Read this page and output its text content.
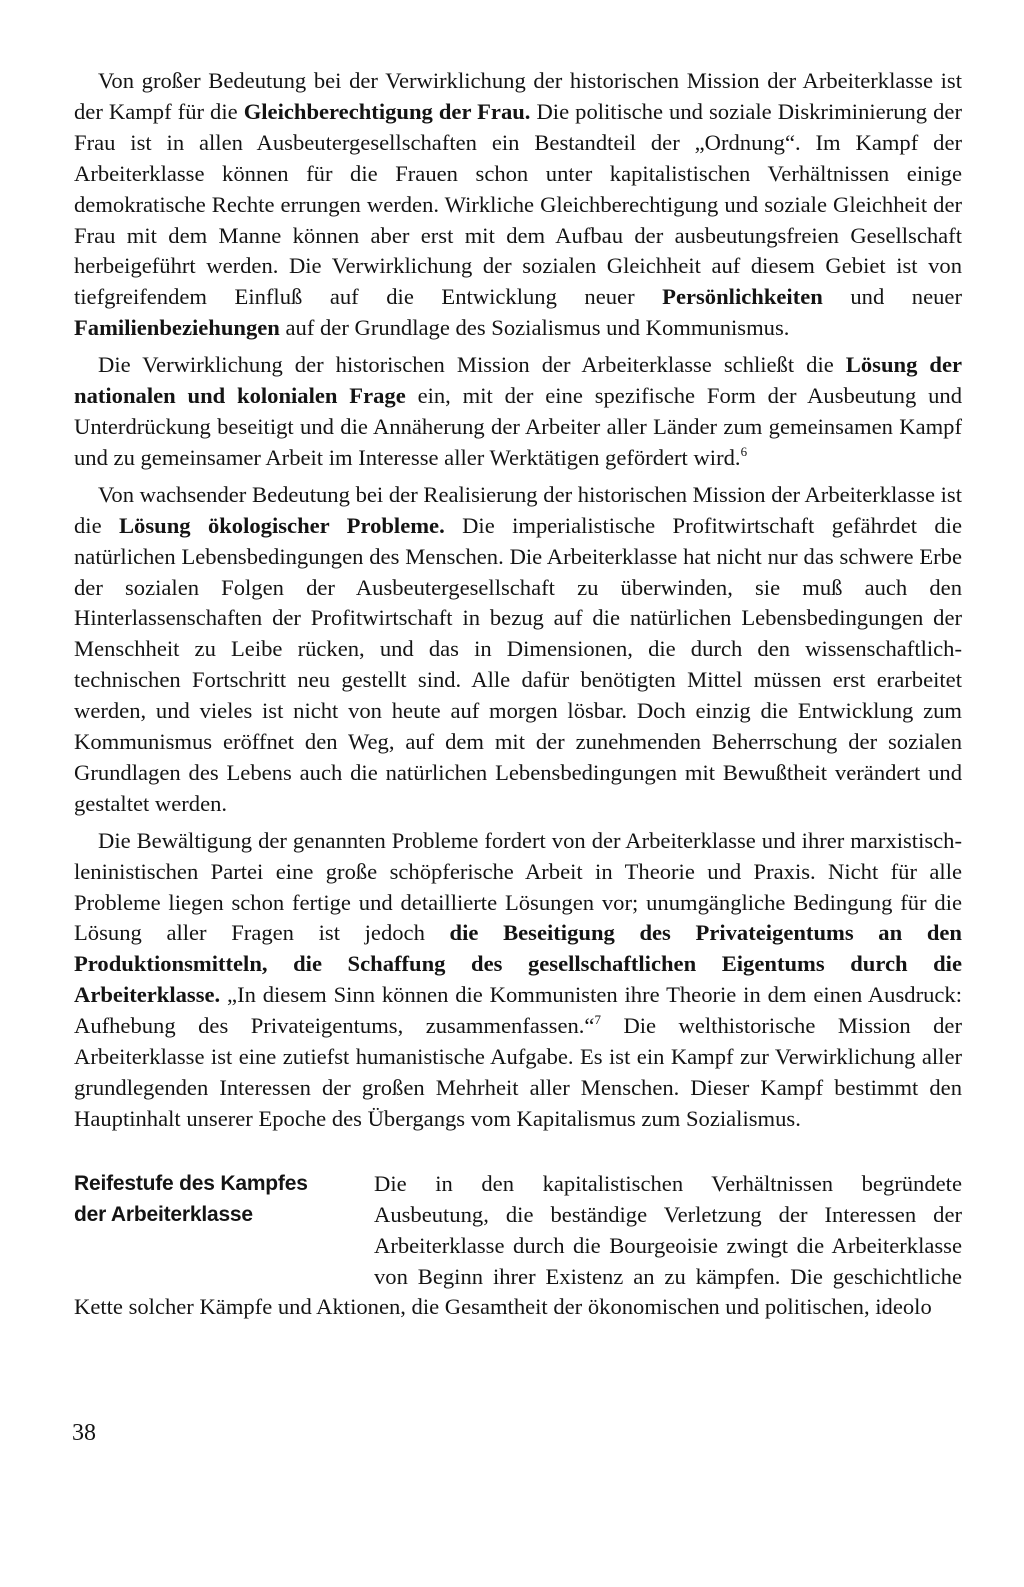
Von großer Bedeutung bei der Verwirklichung der historischen Mission der Arbeiterklasse ist der Kampf für die Gleichberechtigung der Frau. Die politische und soziale Diskriminierung der Frau ist in allen Ausbeutergesellschaften ein Bestandteil der „Ordnung“. Im Kampf der Arbeiterklasse können für die Frauen schon unter kapitalistischen Verhältnissen einige demokratische Rechte errungen werden. Wirkliche Gleichberechtigung und soziale Gleichheit der Frau mit dem Manne können aber erst mit dem Aufbau der ausbeutungsfreien Gesellschaft herbeigeführt werden. Die Verwirklichung der sozialen Gleichheit auf diesem Gebiet ist von tiefgreifendem Einfluß auf die Entwicklung neuer Persönlichkeiten und neuer Familienbeziehungen auf der Grundlage des Sozialismus und Kommunismus.

Die Verwirklichung der historischen Mission der Arbeiterklasse schließt die Lösung der nationalen und kolonialen Frage ein, mit der eine spezifische Form der Ausbeutung und Unterdrückung beseitigt und die Annäherung der Arbeiter aller Länder zum gemeinsamen Kampf und zu gemeinsamer Arbeit im Interesse aller Werktätigen gefördert wird.$^6$

Von wachsender Bedeutung bei der Realisierung der historischen Mission der Arbeiterklasse ist die Lösung ökologischer Probleme. Die imperialistische Profitwirtschaft gefährdet die natürlichen Lebensbedingungen des Menschen. Die Arbeiterklasse hat nicht nur das schwere Erbe der sozialen Folgen der Ausbeutergesellschaft zu überwinden, sie muß auch den Hinterlassenschaften der Profitwirtschaft in bezug auf die natürlichen Lebensbedingungen der Menschheit zu Leibe rücken, und das in Dimensionen, die durch den wissenschaftlich-technischen Fortschritt neu gestellt sind. Alle dafür benötigten Mittel müssen erst erarbeitet werden, und vieles ist nicht von heute auf morgen lösbar. Doch einzig die Entwicklung zum Kommunismus eröffnet den Weg, auf dem mit der zunehmenden Beherrschung der sozialen Grundlagen des Lebens auch die natürlichen Lebensbedingungen mit Bewußtheit verändert und gestaltet werden.

Die Bewältigung der genannten Probleme fordert von der Arbeiterklasse und ihrer marxistisch-leninistischen Partei eine große schöpferische Arbeit in Theorie und Praxis. Nicht für alle Probleme liegen schon fertige und detaillierte Lösungen vor; unumgängliche Bedingung für die Lösung aller Fragen ist jedoch die Beseitigung des Privateigentums an den Produktionsmitteln, die Schaffung des gesellschaftlichen Eigentums durch die Arbeiterklasse. „In diesem Sinn können die Kommunisten ihre Theorie in dem einen Ausdruck: Aufhebung des Privateigentums, zusammenfassen.“$^7$ Die welthistorische Mission der Arbeiterklasse ist eine zutiefst humanistische Aufgabe. Es ist ein Kampf zur Verwirklichung aller grundlegenden Interessen der großen Mehrheit aller Menschen. Dieser Kampf bestimmt den Hauptinhalt unserer Epoche des Übergangs vom Kapitalismus zum Sozialismus.

Reifestufe des Kampfes
der Arbeiterklasse
Die in den kapitalistischen Verhältnissen begründete Ausbeutung, die beständige Verletzung der Interessen der Arbeiterklasse durch die Bourgeoisie zwingt die Arbeiterklasse von Beginn ihrer Existenz an zu kämpfen. Die geschichtliche Kette solcher Kämpfe und Aktionen, die Gesamtheit der ökonomischen und politischen, ideolo
38
